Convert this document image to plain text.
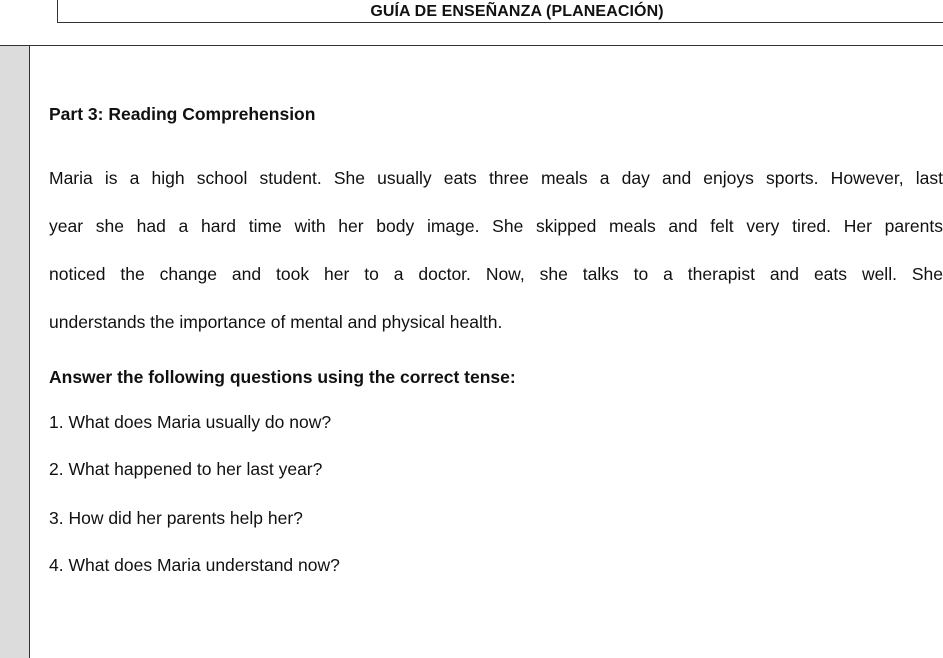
GUÍA DE ENSEÑANZA (PLANEACIÓN)
Part 3: Reading Comprehension
Maria is a high school student. She usually eats three meals a day and enjoys sports. However, last
year she had a hard time with her body image. She skipped meals and felt very tired. Her parents
noticed the change and took her to a doctor. Now, she talks to a therapist and eats well. She
understands the importance of mental and physical health.
Answer the following questions using the correct tense:
1. What does Maria usually do now?
2. What happened to her last year?
3. How did her parents help her?
4. What does Maria understand now?
